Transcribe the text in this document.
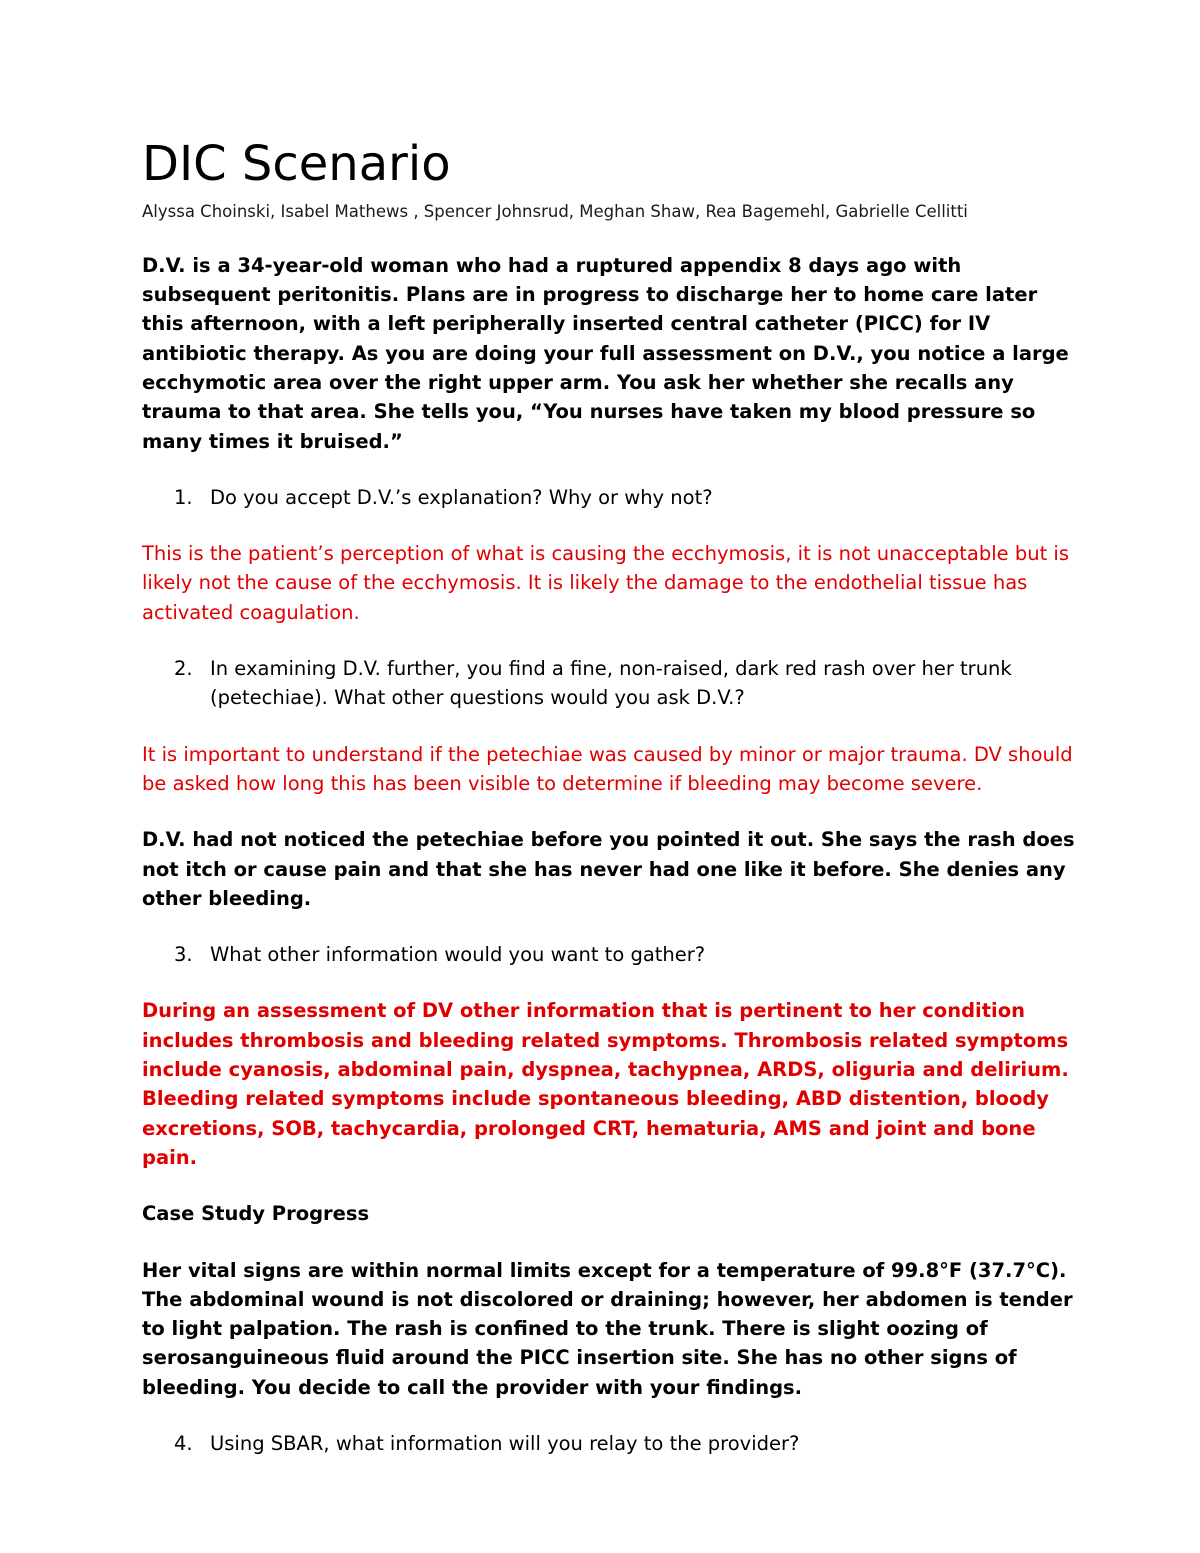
DIC Scenario
Alyssa Choinski, Isabel Mathews , Spencer Johnsrud, Meghan Shaw, Rea Bagemehl, Gabrielle Cellitti

D.V. is a 34-year-old woman who had a ruptured appendix 8 days ago with subsequent peritonitis. Plans are in progress to discharge her to home care later this afternoon, with a left peripherally inserted central catheter (PICC) for IV antibiotic therapy. As you are doing your full assessment on D.V., you notice a large ecchymotic area over the right upper arm. You ask her whether she recalls any trauma to that area. She tells you, “You nurses have taken my blood pressure so many times it bruised.”

1. Do you accept D.V.’s explanation? Why or why not?

This is the patient’s perception of what is causing the ecchymosis, it is not unacceptable but is likely not the cause of the ecchymosis. It is likely the damage to the endothelial tissue has activated coagulation.

2. In examining D.V. further, you find a fine, non-raised, dark red rash over her trunk (petechiae). What other questions would you ask D.V.?

It is important to understand if the petechiae was caused by minor or major trauma. DV should be asked how long this has been visible to determine if bleeding may become severe.

D.V. had not noticed the petechiae before you pointed it out. She says the rash does not itch or cause pain and that she has never had one like it before. She denies any other bleeding.

3. What other information would you want to gather?

During an assessment of DV other information that is pertinent to her condition includes thrombosis and bleeding related symptoms. Thrombosis related symptoms include cyanosis, abdominal pain, dyspnea, tachypnea, ARDS, oliguria and delirium. Bleeding related symptoms include spontaneous bleeding, ABD distention, bloody excretions, SOB, tachycardia, prolonged CRT, hematuria, AMS and joint and bone pain.

Case Study Progress

Her vital signs are within normal limits except for a temperature of 99.8°F (37.7°C). The abdominal wound is not discolored or draining; however, her abdomen is tender to light palpation. The rash is confined to the trunk. There is slight oozing of serosanguineous fluid around the PICC insertion site. She has no other signs of bleeding. You decide to call the provider with your findings.

4. Using SBAR, what information will you relay to the provider?
